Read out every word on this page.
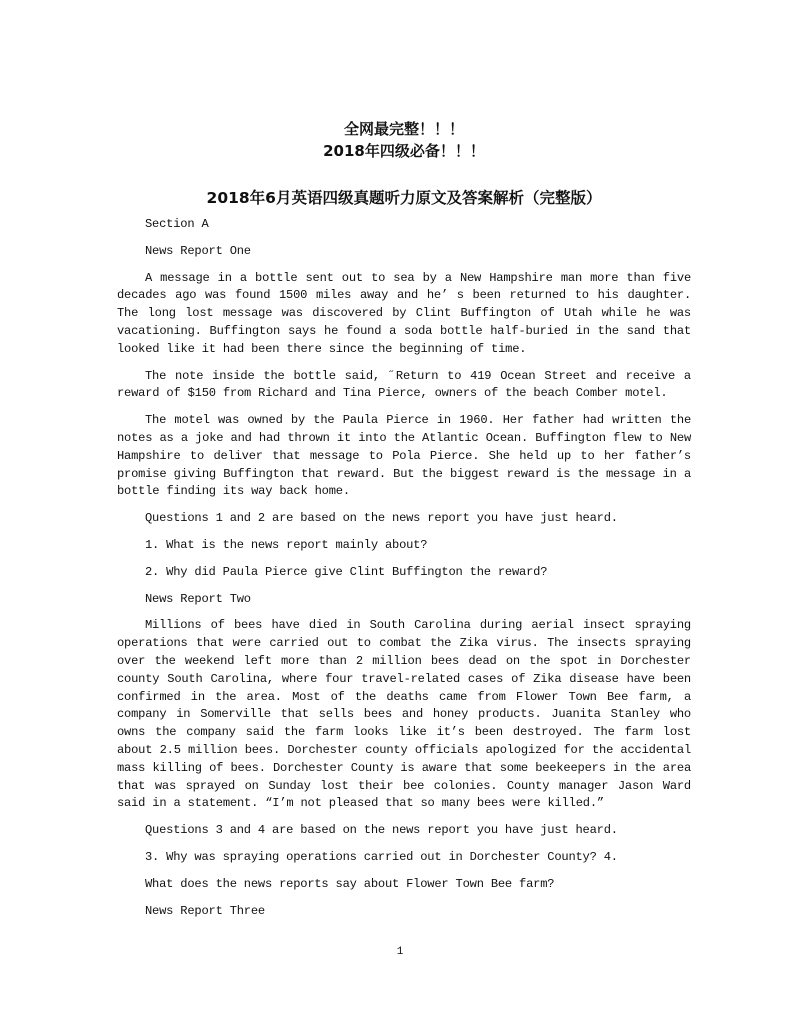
全网最完整！！！
2018年四级必备！！！
2018年6月英语四级真题听力原文及答案解析（完整版）

Section A

News Report One

A message in a bottle sent out to sea by a New Hampshire man more than five decades ago was found 1500 miles away and he’ s been returned to his daughter. The long lost message was discovered by Clint Buffington of Utah while he was vacationing. Buffington says he found a soda bottle half-buried in the sand that looked like it had been there since the beginning of time.

The note inside the bottle said, ˝Return to 419 Ocean Street and receive a reward of $150 from Richard and Tina Pierce, owners of the beach Comber motel.

The motel was owned by the Paula Pierce in 1960. Her father had written the notes as a joke and had thrown it into the Atlantic Ocean. Buffington flew to New Hampshire to deliver that message to Pola Pierce. She held up to her father’s promise giving Buffington that reward. But the biggest reward is the message in a bottle finding its way back home.

Questions 1 and 2 are based on the news report you have just heard.

1. What is the news report mainly about?

2. Why did Paula Pierce give Clint Buffington the reward?

News Report Two

Millions of bees have died in South Carolina during aerial insect spraying operations that were carried out to combat the Zika virus. The insects spraying over the weekend left more than 2 million bees dead on the spot in Dorchester county South Carolina, where four travel-related cases of Zika disease have been confirmed in the area. Most of the deaths came from Flower Town Bee farm, a company in Somerville that sells bees and honey products. Juanita Stanley who owns the company said the farm looks like it’s been destroyed. The farm lost about 2.5 million bees. Dorchester county officials apologized for the accidental mass killing of bees. Dorchester County is aware that some beekeepers in the area that was sprayed on Sunday lost their bee colonies. County manager Jason Ward said in a statement. “I’m not pleased that so many bees were killed.”

Questions 3 and 4 are based on the news report you have just heard.

3. Why was spraying operations carried out in Dorchester County? 4.

What does the news reports say about Flower Town Bee farm?

News Report Three

1
